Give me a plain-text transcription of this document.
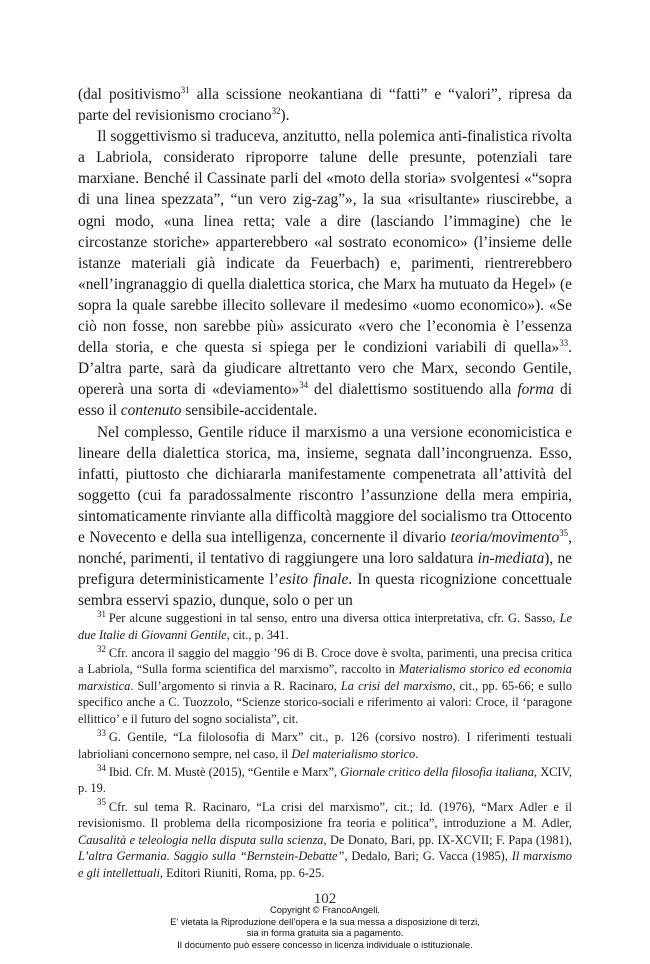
(dal positivismo$^{31}$ alla scissione neokantiana di “fatti” e “valori”, ripresa da parte del revisionismo crociano$^{32}$).

Il soggettivismo si traduceva, anzitutto, nella polemica anti-finalistica rivolta a Labriola, considerato riproporre talune delle presunte, potenziali tare marxiane. Benché il Cassinate parli del «moto della storia» svolgentesi «“sopra di una linea spezzata”, “un vero zig-zag”», la sua «risultante» riuscirebbe, a ogni modo, «una linea retta; vale a dire (lasciando l’immagine) che le circostanze storiche» apparterebbero «al sostrato economico» (l’insieme delle istanze materiali già indicate da Feuerbach) e, parimenti, rientrerebbero «nell’ingranaggio di quella dialettica storica, che Marx ha mutuato da Hegel» (e sopra la quale sarebbe illecito sollevare il medesimo «uomo economico»). «Se ciò non fosse, non sarebbe più» assicurato «vero che l’economia è l’essenza della storia, e che questa si spiega per le condizioni variabili di quella»$^{33}$. D’altra parte, sarà da giudicare altrettanto vero che Marx, secondo Gentile, opererà una sorta di «deviamento»$^{34}$ del dialettismo sostituendo alla forma di esso il contenuto sensibile-accidentale.

Nel complesso, Gentile riduce il marxismo a una versione economicistica e lineare della dialettica storica, ma, insieme, segnata dall’incongruenza. Esso, infatti, piuttosto che dichiararla manifestamente compenetrata all’attività del soggetto (cui fa paradossalmente riscontro l’assunzione della mera empiria, sintomaticamente rinviante alla difficoltà maggiore del socialismo tra Ottocento e Novecento e della sua intelligenza, concernente il divario teoria/movimento$^{35}$, nonché, parimenti, il tentativo di raggiungere una loro saldatura in-mediata), ne prefigura deterministicamente l’esito finale. In questa ricognizione concettuale sembra esservi spazio, dunque, solo o per un

$^{31}$ Per alcune suggestioni in tal senso, entro una diversa ottica interpretativa, cfr. G. Sasso, Le due Italie di Giovanni Gentile, cit., p. 341.

$^{32}$ Cfr. ancora il saggio del maggio ’96 di B. Croce dove è svolta, parimenti, una precisa critica a Labriola, “Sulla forma scientifica del marxismo”, raccolto in Materialismo storico ed economia marxistica. Sull’argomento si rinvia a R. Racinaro, La crisi del marxismo, cit., pp. 65-66; e sullo specifico anche a C. Tuozzolo, “Scienze storico-sociali e riferimento ai valori: Croce, il ‘paragone ellittico’ e il futuro del sogno socialista”, cit.

$^{33}$ G. Gentile, “La filolosofia di Marx” cit., p. 126 (corsivo nostro). I riferimenti testuali labrioliani concernono sempre, nel caso, il Del materialismo storico.

$^{34}$ Ibid. Cfr. M. Mustè (2015), “Gentile e Marx”, Giornale critico della filosofia italiana, XCIV, p. 19.

$^{35}$ Cfr. sul tema R. Racinaro, “La crisi del marxismo”, cit.; Id. (1976), “Marx Adler e il revisionismo. Il problema della ricomposizione fra teoria e politica”, introduzione a M. Adler, Causalità e teleologia nella disputa sulla scienza, De Donato, Bari, pp. IX-XCVII; F. Papa (1981), L’altra Germania. Saggio sulla “Bernstein-Debatte”, Dedalo, Bari; G. Vacca (1985), Il marxismo e gli intellettuali, Editori Riuniti, Roma, pp. 6-25.

102
Copyright © FrancoAngeli.
E’ vietata la Riproduzione dell’opera e la sua messa a disposizione di terzi,
sia in forma gratuita sia a pagamento.
Il documento può essere concesso in licenza individuale o istituzionale.
